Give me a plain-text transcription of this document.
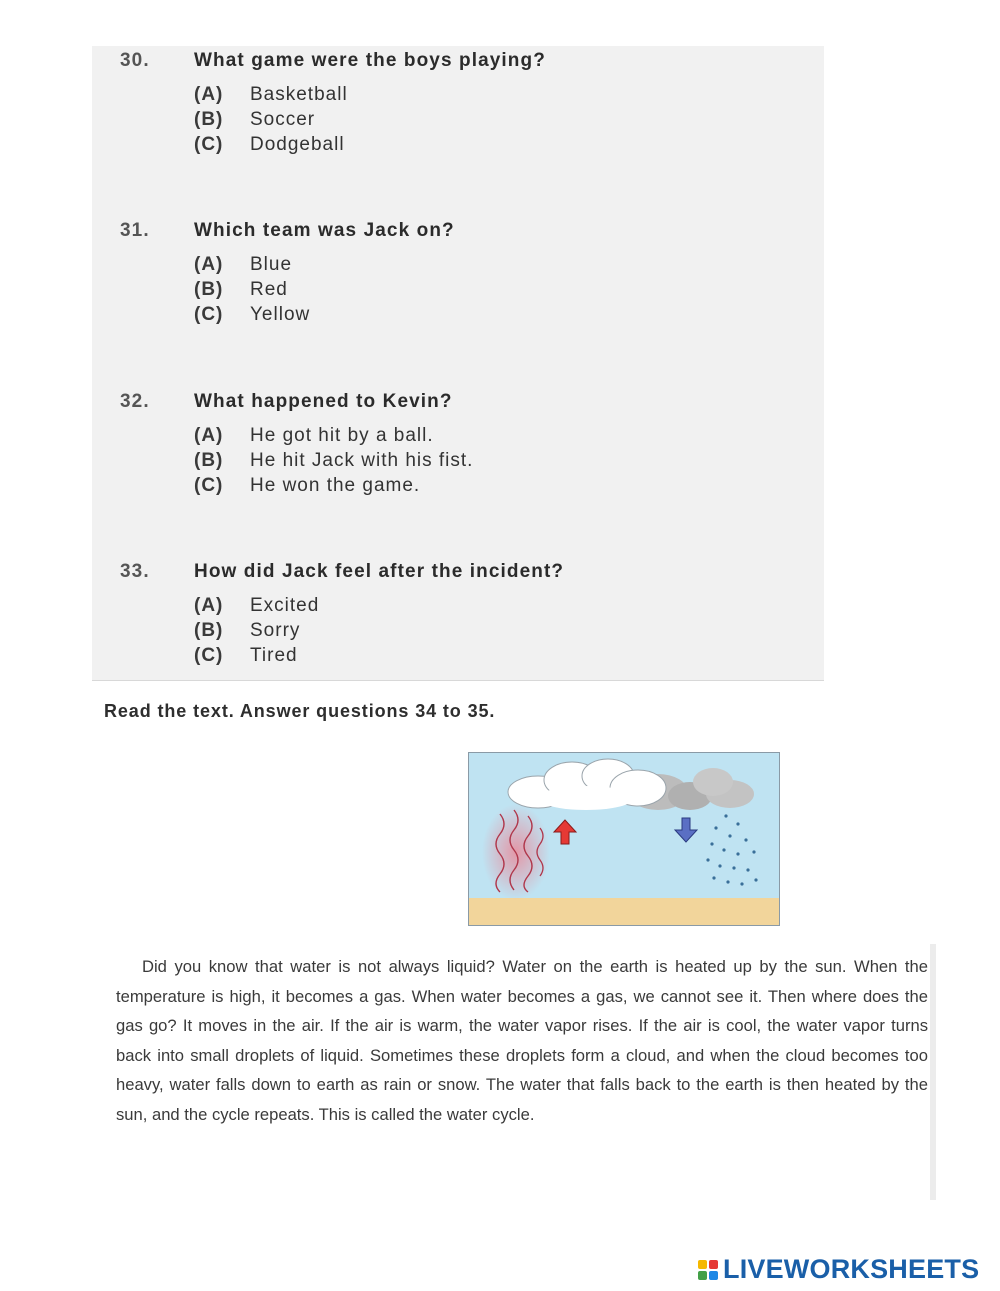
30.	What game were the boys playing?
(A)	Basketball
(B)	Soccer
(C)	Dodgeball
31.	Which team was Jack on?
(A)	Blue
(B)	Red
(C)	Yellow
32.	What happened to Kevin?
(A)	He got hit by a ball.
(B)	He hit Jack with his fist.
(C)	He won the game.
33.	How did Jack feel after the incident?
(A)	Excited
(B)	Sorry
(C)	Tired
Read the text. Answer questions 34 to 35.
Did you know that water is not always liquid? Water on the earth is heated up by the sun. When the temperature is high, it becomes a gas. When water becomes a gas, we cannot see it. Then where does the gas go? It moves in the air. If the air is warm, the water vapor rises. If the air is cool, the water vapor turns back into small droplets of liquid. Sometimes these droplets form a cloud, and when the cloud becomes too heavy, water falls down to earth as rain or snow. The water that falls back to the earth is then heated by the sun, and the cycle repeats. This is called the water cycle.
LIVEWORKSHEETS
